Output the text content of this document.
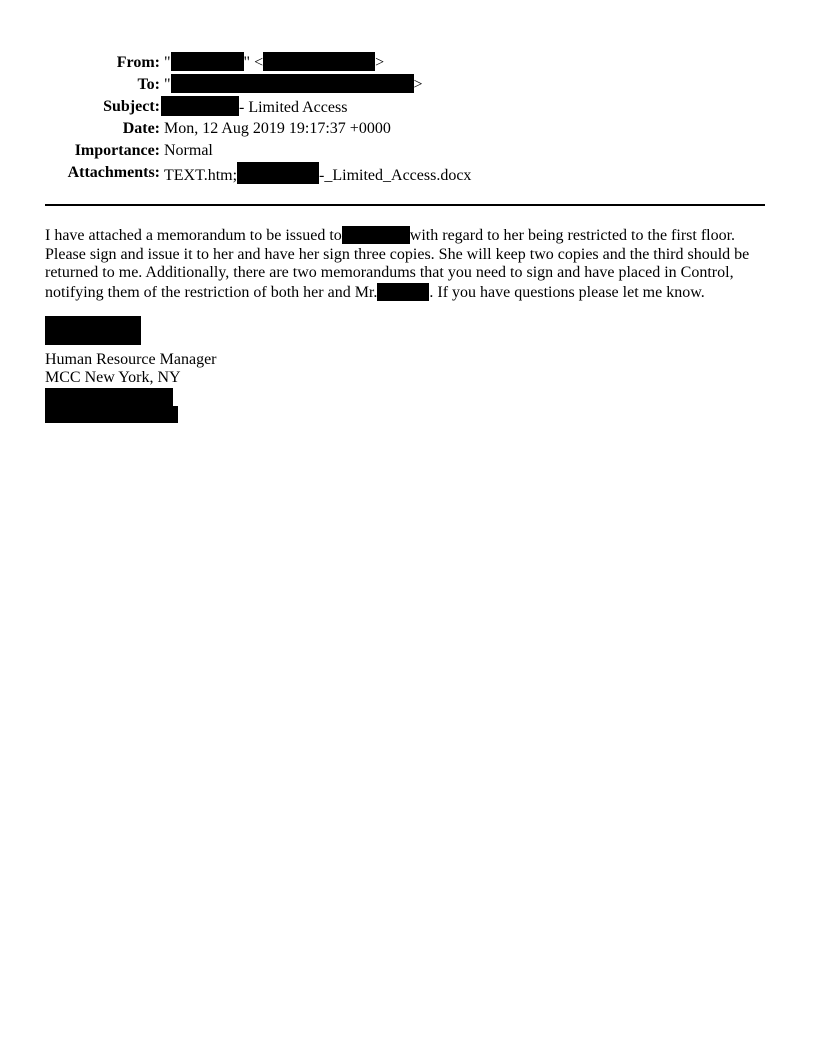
From: "	" <	>
To: "	>
Subject:	- Limited Access
Date: Mon, 12 Aug 2019 19:17:37 +0000
Importance: Normal
Attachments: TEXT.htm;	-_Limited_Access.docx

I have attached a memorandum to be issued to	with regard to her being restricted to the first floor. Please sign and issue it to her and have her sign three copies. She will keep two copies and the third should be returned to me. Additionally, there are two memorandums that you need to sign and have placed in Control, notifying them of the restriction of both her and Mr.	. If you have questions please let me know.

Human Resource Manager
MCC New York, NY
